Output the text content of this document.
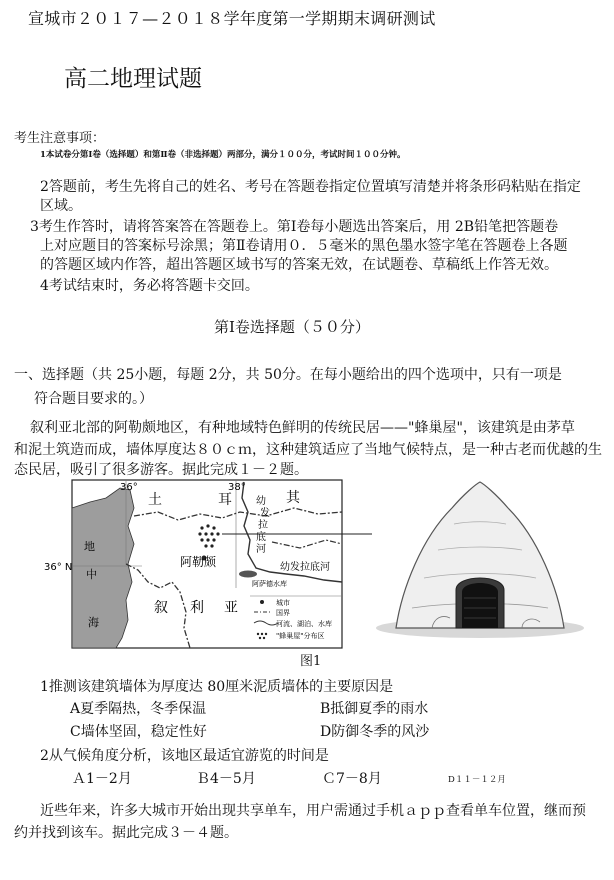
宣城市２０１７—２０１８学年度第一学期期末调研测试
高二地理试题
考生注意事项：
1本试卷分第Ⅰ卷（选择题）和第Ⅱ卷（非选择题）两部分，满分１００分，考试时间１００分钟。
2答题前，考生先将自己的姓名、考号在答题卷指定位置填写清楚并将条形码粘贴在指定
区域。
3考生作答时，请将答案答在答题卷上。第Ⅰ卷每小题选出答案后，用 2B铅笔把答题卷
上对应题目的答案标号涂黑；第Ⅱ卷请用０．５毫米的黑色墨水签字笔在答题卷上各题
的答题区域内作答，超出答题区域书写的答案无效，在试题卷、草稿纸上作答无效。
4考试结束时，务必将答题卡交回。
第Ⅰ卷选择题（５０分）
一、选择题（共 25小题，每题 2分，共 50分。在每小题给出的四个选项中，只有一项是
符合题目要求的。）
叙利亚北部的阿勒颇地区，有种地域特色鲜明的传统民居——"蜂巢屋"，该建筑是由茅草
和泥土筑造而成，墙体厚度达８０ｃｍ，这种建筑适应了当地气候特点，是一种古老而优越的生
态民居，吸引了很多游客。据此完成１－２题。
36°	38°
36° N
土	耳	其
叙 利 亚
阿勒颇
地
中
海
幼
发
拉
底
河
幼发拉底河
阿萨德水库
城市
国界
河流、湖泊、水库
"蜂巢屋"分布区
图1
1推测该建筑墙体为厚度达 80厘米泥质墙体的主要原因是
A夏季隔热，冬季保温	B抵御夏季的雨水
C墙体坚固，稳定性好	D防御冬季的风沙
2从气候角度分析，该地区最适宜游览的时间是
Ａ1－2月	Ｂ4－5月	Ｃ7－8月	D１１－１２月
近些年来，许多大城市开始出现共享单车，用户需通过手机ａｐｐ查看单车位置，继而预
约并找到该车。据此完成３－４题。
